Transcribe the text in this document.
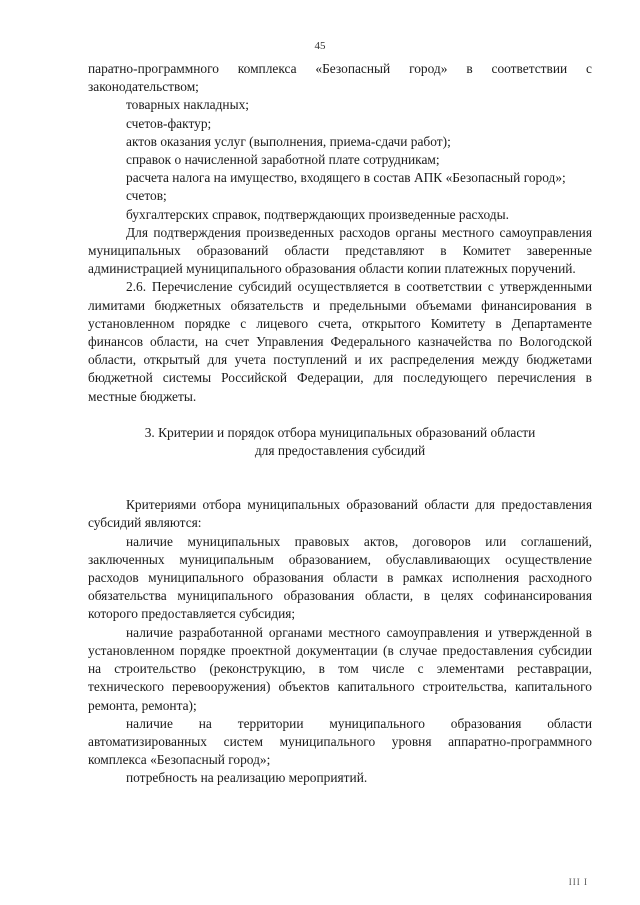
45

паратно-программного комплекса «Безопасный город» в соответствии с законодательством;

товарных накладных;

счетов-фактур;

актов оказания услуг (выполнения, приема-сдачи работ);

справок о начисленной заработной плате сотрудникам;

расчета налога на имущество, входящего в состав АПК «Безопасный город»;

счетов;

бухгалтерских справок, подтверждающих произведенные расходы.

Для подтверждения произведенных расходов органы местного самоуправления муниципальных образований области представляют в Комитет заверенные администрацией муниципального образования области копии платежных поручений.

2.6. Перечисление субсидий осуществляется в соответствии с утвержденными лимитами бюджетных обязательств и предельными объемами финансирования в установленном порядке с лицевого счета, открытого Комитету в Департаменте финансов области, на счет Управления Федерального казначейства по Вологодской области, открытый для учета поступлений и их распределения между бюджетами бюджетной системы Российской Федерации, для последующего перечисления в местные бюджеты.

3. Критерии и порядок отбора муниципальных образований области

для предоставления субсидий

Критериями отбора муниципальных образований области для предоставления субсидий являются:

наличие муниципальных правовых актов, договоров или соглашений, заключенных муниципальным образованием, обуславливающих осуществление расходов муниципального образования области в рамках исполнения расходного обязательства муниципального образования области, в целях софинансирования которого предоставляется субсидия;

наличие разработанной органами местного самоуправления и утвержденной в установленном порядке проектной документации (в случае предоставления субсидии на строительство (реконструкцию, в том числе с элементами реставрации, технического перевооружения) объектов капитального строительства, капитального ремонта, ремонта);

наличие на территории муниципального образования области автоматизированных систем муниципального уровня аппаратно-программного комплекса «Безопасный город»;

потребность на реализацию мероприятий.

III I
